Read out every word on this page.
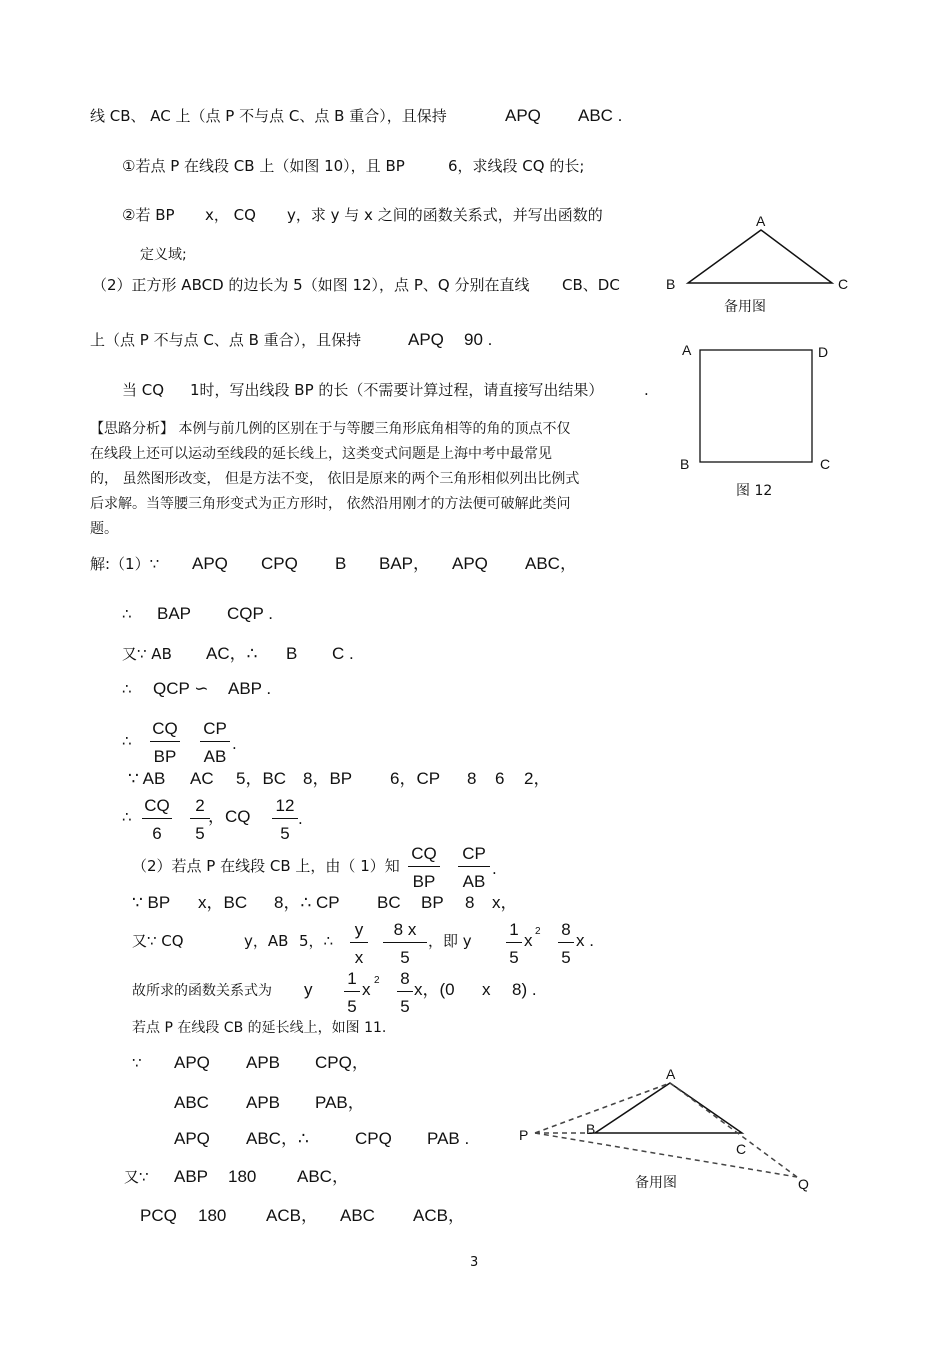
线 CB、 AC 上（点 P 不与点 C、点 B 重合），且保持	APQ ABC .
①若点 P 在线段 CB 上（如图 10），且 BP	6，求线段 CQ 的长;
②若 BP x， CQ y，求 y 与 x 之间的函数关系式，并写出函数的
定义域;
（2）正方形 ABCD 的边长为 5（如图 12），点 P、Q 分别在直线 CB、DC
上（点 P 不与点 C、点 B 重合），且保持	APQ 90 .
当 CQ 1时，写出线段 BP 的长（不需要计算过程，请直接写出结果）	.
【思路分析】 本例与前几例的区别在于与等腰三角形底角相等的角的顶点不仅
在线段上还可以运动至线段的延长线上，这类变式问题是上海中考中最常见
的， 虽然图形改变， 但是方法不变， 依旧是原来的两个三角形相似列出比例式
后求解。当等腰三角形变式为正方形时， 依然沿用刚才的方法便可破解此类问
题。
解:（1）∵ APQ CPQ B BAP， APQ ABC，
∴ BAP CQP .
又∵ AB AC，∴ B C .
∴ QCP ∽ ABP .
∴ $\frac{CQ}{BP} \frac{CP}{AB}$ .
∵ AB AC 5，BC 8，BP 6，CP 8 6 2，
∴ $\frac{CQ}{6} \frac{2}{5}$
，CQ $\frac{12}{5}$ .
（2）若点 P 在线段 CB 上，由（ 1）知 $\frac{CQ}{BP} \frac{CP}{AB}$ .
∵ BP x，BC 8，∴ CP BC BP 8 x，
又∵ CQ	y，AB 5，∴ $\frac{y}{x} \frac{8 x}{5}$ ，即 y $\frac{1}{5}$ x $2 \frac{8}{5}$ x .
故所求的函数关系式为 y $\frac{1}{5}$ x $2 \frac{8}{5}$ x，(0 x 8) .
若点 P 在线段 CB 的延长线上，如图 11.
∵ APQ APB CPQ，
ABC APB PAB，
APQ ABC，∴	CPQ PAB .
又∵ ABP 180 ABC，
PCQ 180 ACB， ABC ACB，
3
A
B	C
备用图
A	D
B	C
图 12
A
P	B
C
Q
备用图
